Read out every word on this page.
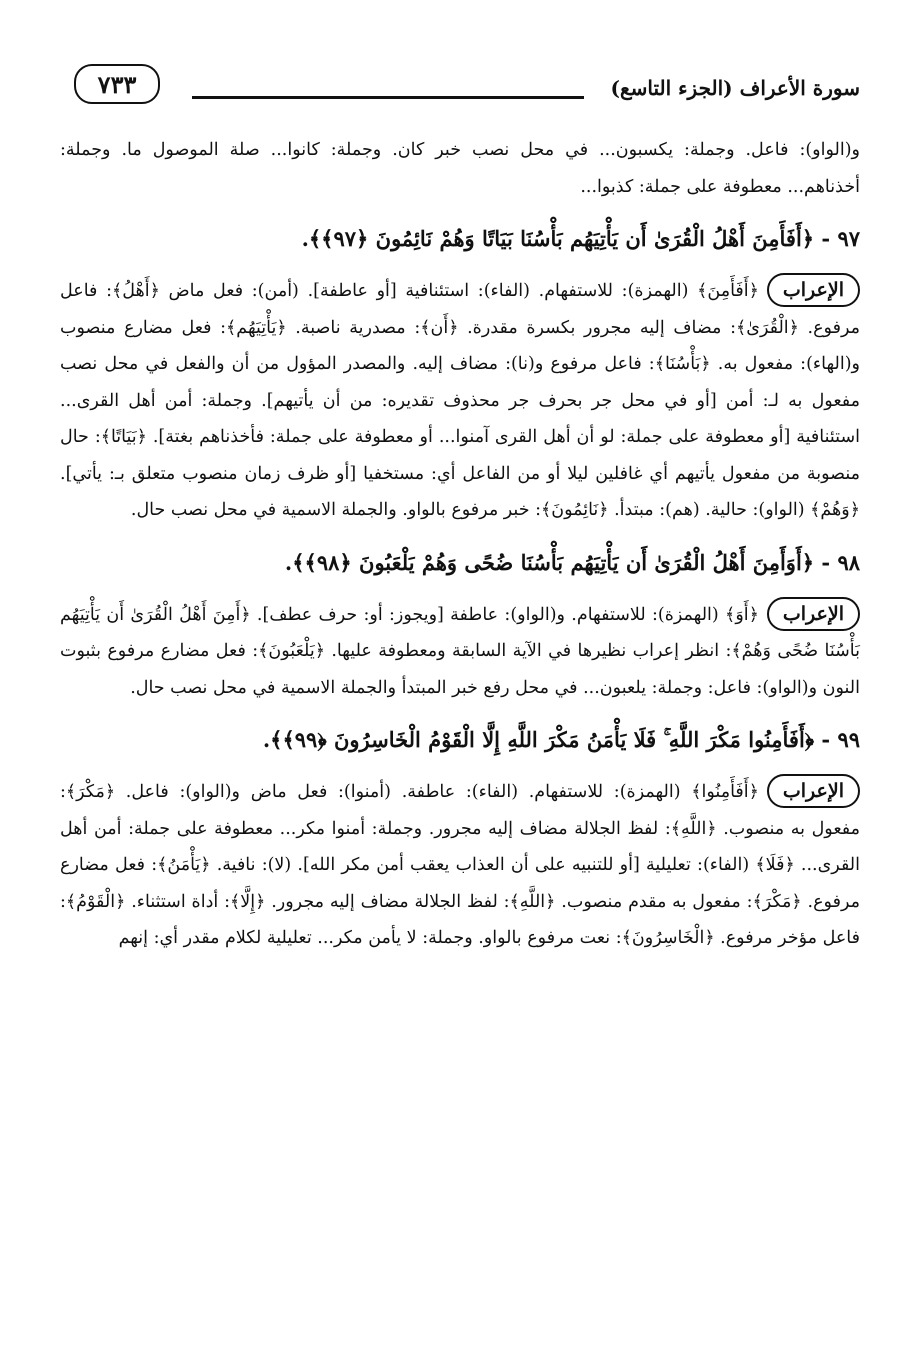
سورة الأعراف (الجزء التاسع)
٧٣٣

و(الواو): فاعل. وجملة: يكسبون... في محل نصب خبر كان. وجملة: كانوا... صلة الموصول ما. وجملة: أخذناهم... معطوفة على جملة: كذبوا...

٩٧ - ﴿أَفَأَمِنَ أَهْلُ الْقُرَىٰ أَن يَأْتِيَهُم بَأْسُنَا بَيَاتًا وَهُمْ نَائِمُونَ ﴿٩٧﴾﴾.

الإعراب﴿أَفَأَمِنَ﴾ (الهمزة): للاستفهام. (الفاء): استئنافية [أو عاطفة]. (أمن): فعل ماض ﴿أَهْلُ﴾: فاعل مرفوع. ﴿الْقُرَىٰ﴾: مضاف إليه مجرور بكسرة مقدرة. ﴿أَن﴾: مصدرية ناصبة. ﴿يَأْتِيَهُم﴾: فعل مضارع منصوب و(الهاء): مفعول به. ﴿بَأْسُنَا﴾: فاعل مرفوع و(نا): مضاف إليه. والمصدر المؤول من أن والفعل في محل نصب مفعول به لـ: أمن [أو في محل جر بحرف جر محذوف تقديره: من أن يأتيهم]. وجملة: أمن أهل القرى... استئنافية [أو معطوفة على جملة: لو أن أهل القرى آمنوا... أو معطوفة على جملة: فأخذناهم بغتة]. ﴿بَيَاتًا﴾: حال منصوبة من مفعول يأتيهم أي غافلين ليلا أو من الفاعل أي: مستخفيا [أو ظرف زمان منصوب متعلق بـ: يأتي]. ﴿وَهُمْ﴾ (الواو): حالية. (هم): مبتدأ. ﴿نَائِمُونَ﴾: خبر مرفوع بالواو. والجملة الاسمية في محل نصب حال.

٩٨ - ﴿أَوَأَمِنَ أَهْلُ الْقُرَىٰ أَن يَأْتِيَهُم بَأْسُنَا ضُحًى وَهُمْ يَلْعَبُونَ ﴿٩٨﴾﴾.

الإعراب﴿أَوَ﴾ (الهمزة): للاستفهام. و(الواو): عاطفة [ويجوز: أو: حرف عطف]. ﴿أَمِنَ أَهْلُ الْقُرَىٰ أَن يَأْتِيَهُم بَأْسُنَا ضُحًى وَهُمْ﴾: انظر إعراب نظيرها في الآية السابقة ومعطوفة عليها. ﴿يَلْعَبُونَ﴾: فعل مضارع مرفوع بثبوت النون و(الواو): فاعل: وجملة: يلعبون... في محل رفع خبر المبتدأ والجملة الاسمية في محل نصب حال.

٩٩ - ﴿أَفَأَمِنُوا مَكْرَ اللَّهِ ۚ فَلَا يَأْمَنُ مَكْرَ اللَّهِ إِلَّا الْقَوْمُ الْخَاسِرُونَ ﴿٩٩﴾﴾.

الإعراب﴿أَفَأَمِنُوا﴾ (الهمزة): للاستفهام. (الفاء): عاطفة. (أمنوا): فعل ماض و(الواو): فاعل. ﴿مَكْرَ﴾: مفعول به منصوب. ﴿اللَّهِ﴾: لفظ الجلالة مضاف إليه مجرور. وجملة: أمنوا مكر... معطوفة على جملة: أمن أهل القرى... ﴿فَلَا﴾ (الفاء): تعليلية [أو للتنبيه على أن العذاب يعقب أمن مكر الله]. (لا): نافية. ﴿يَأْمَنُ﴾: فعل مضارع مرفوع. ﴿مَكْرَ﴾: مفعول به مقدم منصوب. ﴿اللَّهِ﴾: لفظ الجلالة مضاف إليه مجرور. ﴿إِلَّا﴾: أداة استثناء. ﴿الْقَوْمُ﴾: فاعل مؤخر مرفوع. ﴿الْخَاسِرُونَ﴾: نعت مرفوع بالواو. وجملة: لا يأمن مكر... تعليلية لكلام مقدر أي: إنهم
